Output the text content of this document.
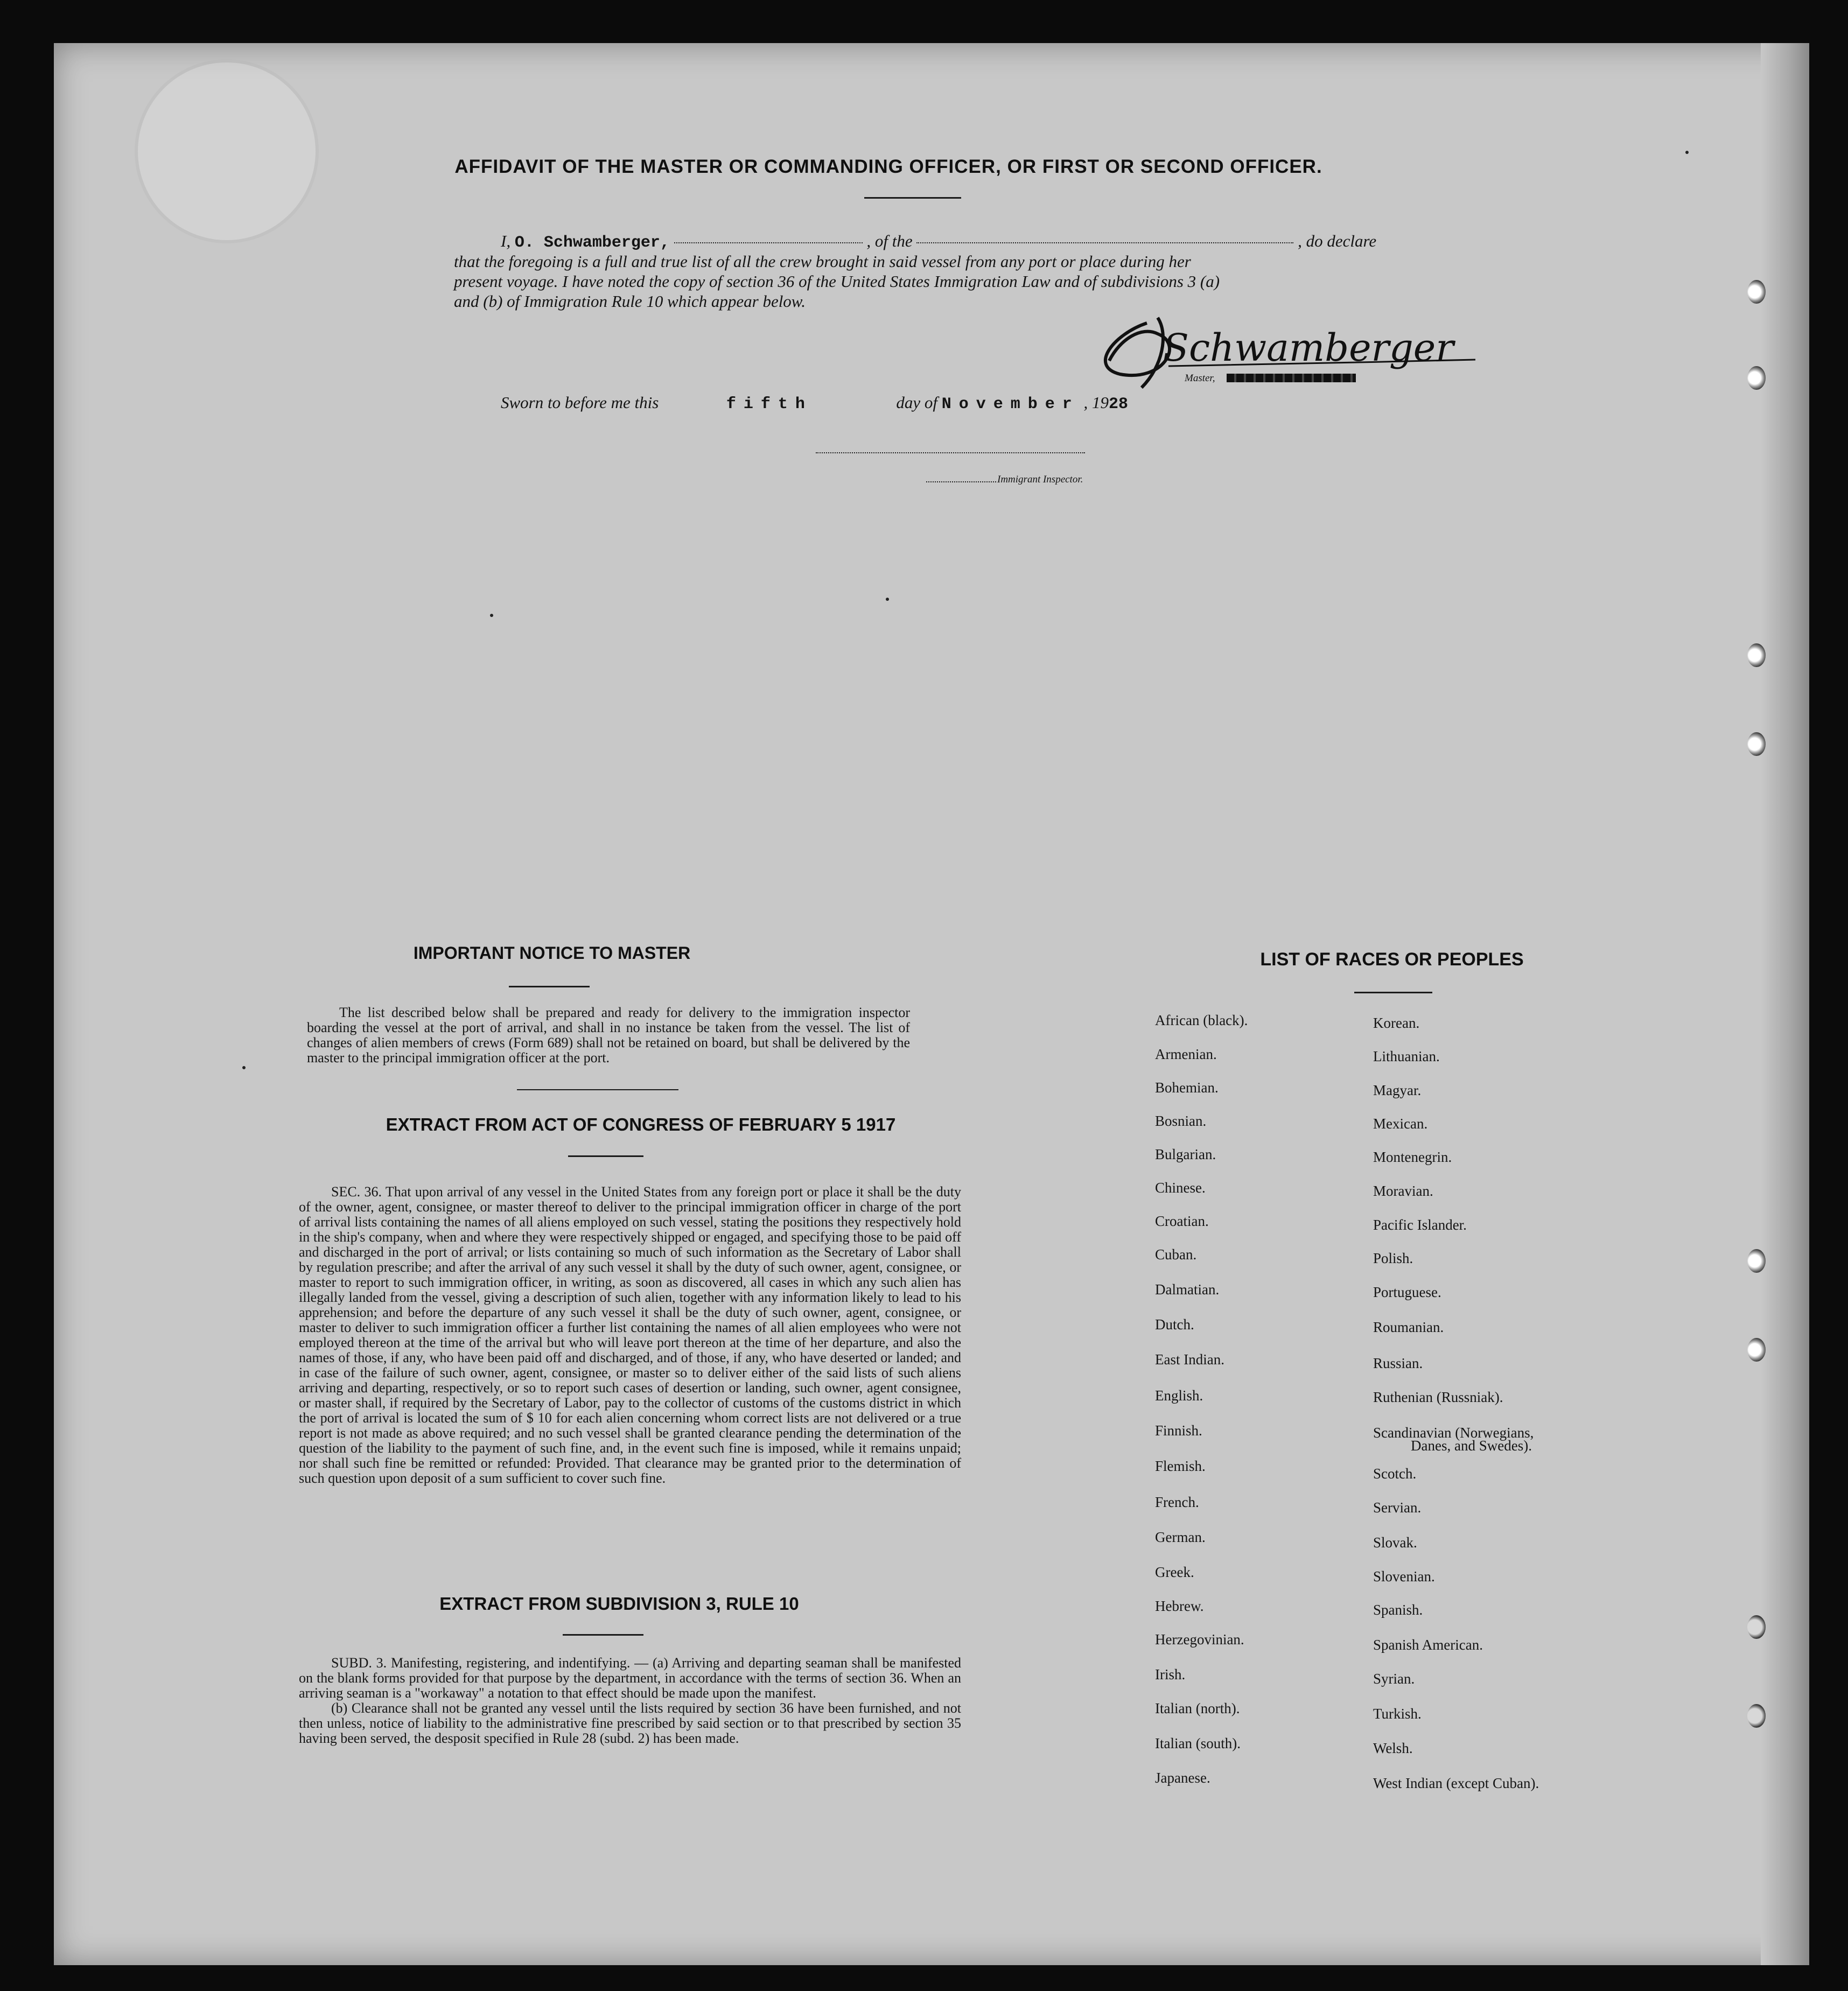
AFFIDAVIT OF THE MASTER OR COMMANDING OFFICER, OR FIRST OR SECOND OFFICER.
I, O. Schwamberger,	, of the	, do declare
that the foregoing is a full and true list of all the crew brought in said vessel from any port or place during her
present voyage. I have noted the copy of section 36 of the United States Immigration Law and of subdivisions 3 (a)
and (b) of Immigration Rule 10 which appear below.
Schwamberger
Master,
Sworn to before me this	fifth	day of November , 1928
Immigrant Inspector.
IMPORTANT NOTICE TO MASTER

The list described below shall be prepared and ready for delivery to the immigration inspector boarding the vessel at the port of arrival, and shall in no instance be taken from the vessel. The list of changes of alien members of crews (Form 689) shall not be retained on board, but shall be delivered by the master to the principal immigration officer at the port.

EXTRACT FROM ACT OF CONGRESS OF FEBRUARY 5 1917

SEC. 36. That upon arrival of any vessel in the United States from any foreign port or place it shall be the duty of the owner, agent, consignee, or master thereof to deliver to the principal immigration officer in charge of the port of arrival lists containing the names of all aliens employed on such vessel, stating the positions they respectively hold in the ship's company, when and where they were respectively shipped or engaged, and specifying those to be paid off and discharged in the port of arrival; or lists containing so much of such information as the Secretary of Labor shall by regulation prescribe; and after the arrival of any such vessel it shall by the duty of such owner, agent, consignee, or master to report to such immigration officer, in writing, as soon as discovered, all cases in which any such alien has illegally landed from the vessel, giving a description of such alien, together with any information likely to lead to his apprehension; and before the departure of any such vessel it shall be the duty of such owner, agent, consignee, or master to deliver to such immigration officer a further list containing the names of all alien employees who were not employed thereon at the time of the arrival but who will leave port thereon at the time of her departure, and also the names of those, if any, who have been paid off and discharged, and of those, if any, who have deserted or landed; and in case of the failure of such owner, agent, consignee, or master so to deliver either of the said lists of such aliens arriving and departing, respectively, or so to report such cases of desertion or landing, such owner, agent consignee, or master shall, if required by the Secretary of Labor, pay to the collector of customs of the customs district in which the port of arrival is located the sum of $ 10 for each alien concerning whom correct lists are not delivered or a true report is not made as above required; and no such vessel shall be granted clearance pending the determination of the question of the liability to the payment of such fine, and, in the event such fine is imposed, while it remains unpaid; nor shall such fine be remitted or refunded: Provided. That clearance may be granted prior to the determination of such question upon deposit of a sum sufficient to cover such fine.

EXTRACT FROM SUBDIVISION 3, RULE 10

SUBD. 3. Manifesting, registering, and indentifying. — (a) Arriving and departing seaman shall be manifested on the blank forms provided for that purpose by the department, in accordance with the terms of section 36. When an arriving seaman is a "workaway" a notation to that effect should be made upon the manifest.

(b) Clearance shall not be granted any vessel until the lists required by section 36 have been furnished, and not then unless, notice of liability to the administrative fine prescribed by said section or to that prescribed by section 35 having been served, the desposit specified in Rule 28 (subd. 2) has been made.

LIST OF RACES OR PEOPLES
African (black).
Armenian.
Bohemian.
Bosnian.
Bulgarian.
Chinese.
Croatian.
Cuban.
Dalmatian.
Dutch.
East Indian.
English.
Finnish.
Flemish.
French.
German.
Greek.
Hebrew.
Herzegovinian.
Irish.
Italian (north).
Italian (south).
Japanese.
Korean.
Lithuanian.
Magyar.
Mexican.
Montenegrin.
Moravian.
Pacific Islander.
Polish.
Portuguese.
Roumanian.
Russian.
Ruthenian (Russniak).
Scandinavian (Norwegians,
Danes, and Swedes).
Scotch.
Servian.
Slovak.
Slovenian.
Spanish.
Spanish American.
Syrian.
Turkish.
Welsh.
West Indian (except Cuban).
